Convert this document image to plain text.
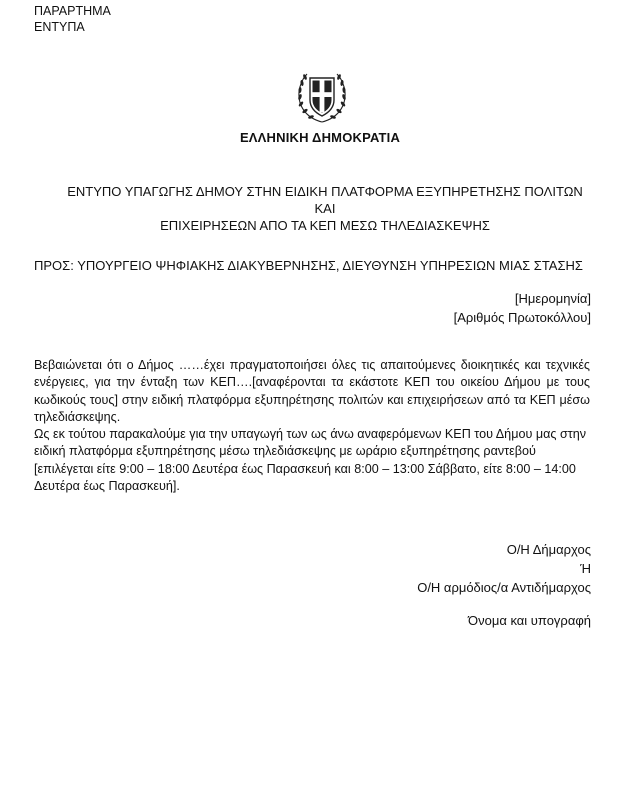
ΠΑΡΑΡΤΗΜΑ
ΕΝΤΥΠΑ
ΕΛΛΗΝΙΚΗ ΔΗΜΟΚΡΑΤΙΑ
ΕΝΤΥΠΟ ΥΠΑΓΩΓΗΣ ΔΗΜΟΥ ΣΤΗΝ ΕΙΔΙΚΗ ΠΛΑΤΦΟΡΜΑ ΕΞΥΠΗΡΕΤΗΣΗΣ ΠΟΛΙΤΩΝ ΚΑΙ
ΕΠΙΧΕΙΡΗΣΕΩΝ ΑΠΟ ΤΑ ΚΕΠ ΜΕΣΩ ΤΗΛΕΔΙΑΣΚΕΨΗΣ
ΠΡΟΣ: ΥΠΟΥΡΓΕΙΟ ΨΗΦΙΑΚΗΣ ΔΙΑΚΥΒΕΡΝΗΣΗΣ, ΔΙΕΥΘΥΝΣΗ ΥΠΗΡΕΣΙΩΝ ΜΙΑΣ ΣΤΑΣΗΣ
[Ημερομηνία]
[Αριθμός Πρωτοκόλλου]

Βεβαιώνεται ότι ο Δήμος ……έχει πραγματοποιήσει όλες τις απαιτούμενες διοικητικές και τεχνικές ενέργειες, για την ένταξη των ΚΕΠ….[αναφέρονται τα εκάστοτε ΚΕΠ του οικείου Δήμου με τους κωδικούς τους] στην ειδική πλατφόρμα εξυπηρέτησης πολιτών και επιχειρήσεων από τα ΚΕΠ μέσω τηλεδιάσκεψης.

Ως εκ τούτου παρακαλούμε για την υπαγωγή των ως άνω αναφερόμενων ΚΕΠ του Δήμου μας στην ειδική πλατφόρμα εξυπηρέτησης μέσω τηλεδιάσκεψης με ωράριο εξυπηρέτησης ραντεβού [επιλέγεται είτε 9:00 – 18:00 Δευτέρα έως Παρασκευή και 8:00 – 13:00 Σάββατο, είτε 8:00 – 14:00 Δευτέρα έως Παρασκευή].

Ο/Η Δήμαρχος
Ή
Ο/Η αρμόδιος/α Αντιδήμαρχος
Όνομα και υπογραφή
